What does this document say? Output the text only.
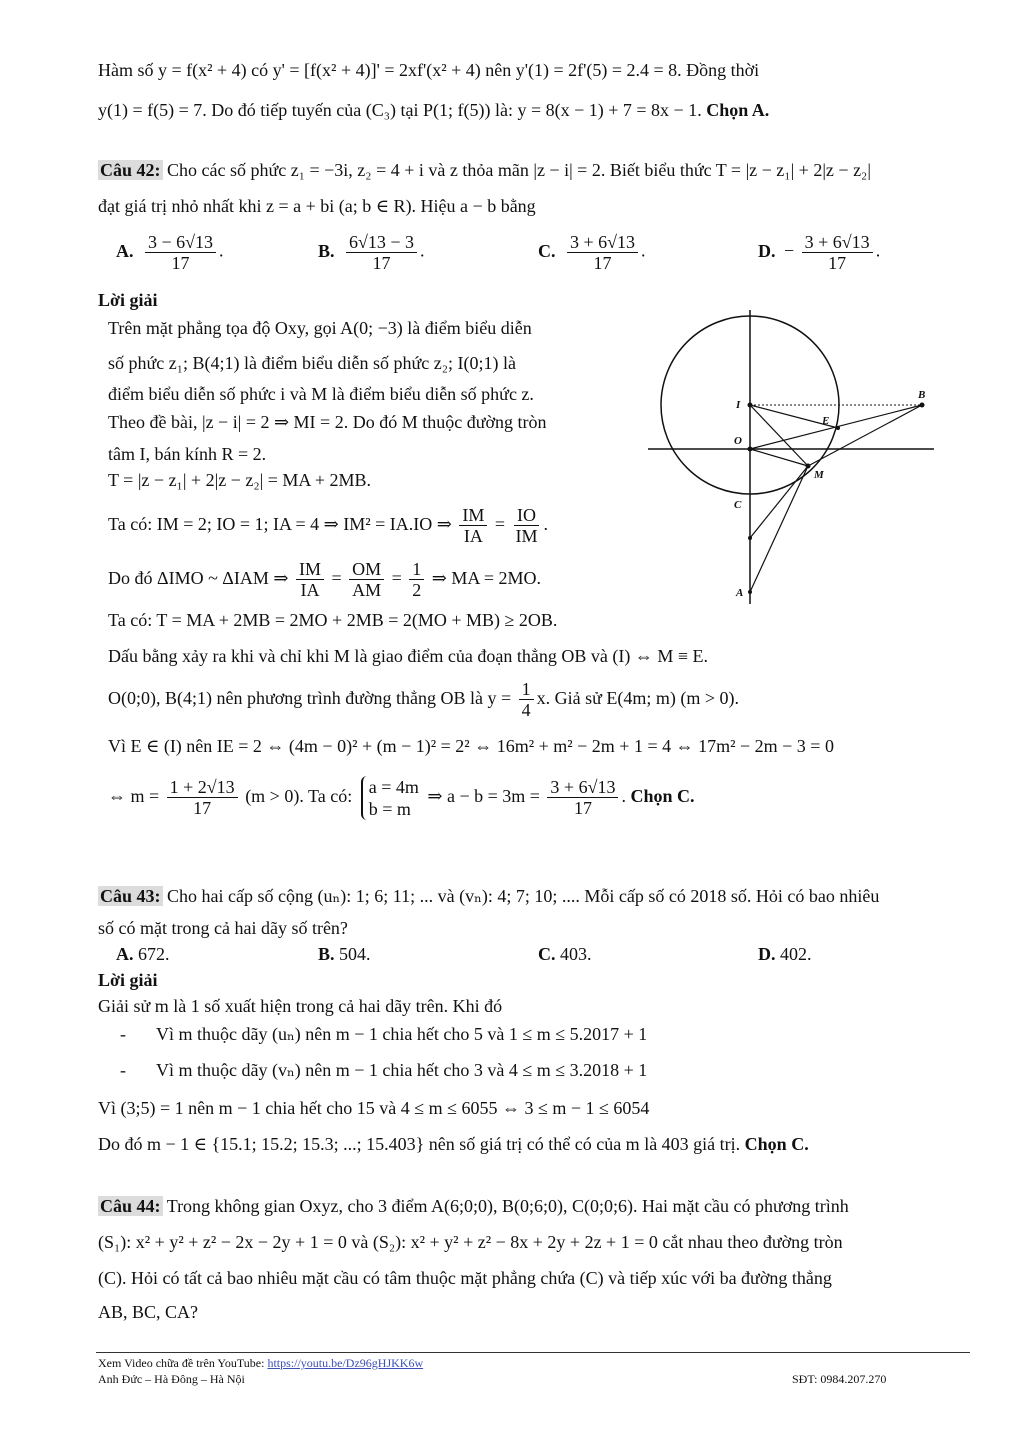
Hàm số y = f(x² + 4) có y' = [f(x² + 4)]' = 2xf'(x² + 4) nên y'(1) = 2f'(5) = 2.4 = 8. Đồng thời
y(1) = f(5) = 7. Do đó tiếp tuyến của (C₃) tại P(1; f(5)) là: y = 8(x − 1) + 7 = 8x − 1. Chọn A.
Câu 42: Cho các số phức z₁ = −3i, z₂ = 4 + i và z thỏa mãn |z − i| = 2. Biết biểu thức T = |z − z₁| + 2|z − z₂|
đạt giá trị nhỏ nhất khi z = a + bi (a; b ∈ R). Hiệu a − b bằng
A. $\frac{3 - 6√13}{17}$ .	B. $\frac{6√13 - 3}{17}$ .	C. $\frac{3 + 6√13}{17}$ .	D. − $\frac{3 + 6√13}{17}$ .
Lời giải
Trên mặt phẳng tọa độ Oxy, gọi A(0; −3) là điểm biểu diễn
số phức z₁; B(4;1) là điểm biểu diễn số phức z₂; I(0;1) là
điểm biểu diễn số phức i và M là điểm biểu diễn số phức z.
Theo đề bài, |z − i| = 2 ⇒ MI = 2. Do đó M thuộc đường tròn
tâm I, bán kính R = 2.
T = |z − z₁| + 2|z − z₂| = MA + 2MB.
Ta có: IM = 2; IO = 1; IA = 4 ⇒ IM² = IA.IO ⇒ $\frac{IM}{IA} = \frac{IO}{IM}$ .
Do đó ΔIMO ~ ΔIAM ⇒ $\frac{IM}{IA} = \frac{OM}{AM} = \frac{1}{2}$ ⇒ MA = 2MO.
Ta có: T = MA + 2MB = 2MO + 2MB = 2(MO + MB) ≥ 2OB.
Dấu bằng xảy ra khi và chỉ khi M là giao điểm của đoạn thẳng OB và (I) ⇔ M ≡ E.
O(0;0), B(4;1) nên phương trình đường thẳng OB là $y = \frac{1}{4} x$. Giả sử E(4m; m) (m > 0).
Vì E ∈ (I) nên IE = 2 ⇔ (4m − 0)² + (m − 1)² = 2² ⇔ 16m² + m² − 2m + 1 = 4 ⇔ 17m² − 2m − 3 = 0
⇔ $m = \frac{1 + 2√13}{17} (m > 0)$. Ta có: a = 4m
b = m
⇒ $a - b = 3m = \frac{3 + 6√13}{17}$ . Chọn C.
I
B
E
O
M
C
A
Câu 43: Cho hai cấp số cộng (uₙ): 1; 6; 11; ... và (vₙ): 4; 7; 10; .... Mỗi cấp số có 2018 số. Hỏi có bao nhiêu
số có mặt trong cả hai dãy số trên?
A. 672.	B. 504.	C. 403.	D. 402.
Lời giải
Giải sử m là 1 số xuất hiện trong cả hai dãy trên. Khi đó
- Vì m thuộc dãy (uₙ) nên m − 1 chia hết cho 5 và 1 ≤ m ≤ 5.2017 + 1
- Vì m thuộc dãy (vₙ) nên m − 1 chia hết cho 3 và 4 ≤ m ≤ 3.2018 + 1
Vì (3;5) = 1 nên m − 1 chia hết cho 15 và 4 ≤ m ≤ 6055 ⇔ 3 ≤ m − 1 ≤ 6054
Do đó m − 1 ∈ {15.1; 15.2; 15.3; ...; 15.403} nên số giá trị có thể có của m là 403 giá trị. Chọn C.
Câu 44: Trong không gian Oxyz, cho 3 điểm A(6;0;0), B(0;6;0), C(0;0;6). Hai mặt cầu có phương trình
(S₁): x² + y² + z² − 2x − 2y + 1 = 0 và (S₂): x² + y² + z² − 8x + 2y + 2z + 1 = 0 cắt nhau theo đường tròn
(C). Hỏi có tất cả bao nhiêu mặt cầu có tâm thuộc mặt phẳng chứa (C) và tiếp xúc với ba đường thẳng
AB, BC, CA?
Xem Video chữa đề trên YouTube: https://youtu.be/Dz96gHJKK6w
Anh Đức – Hà Đông – Hà Nội	SĐT: 0984.207.270
